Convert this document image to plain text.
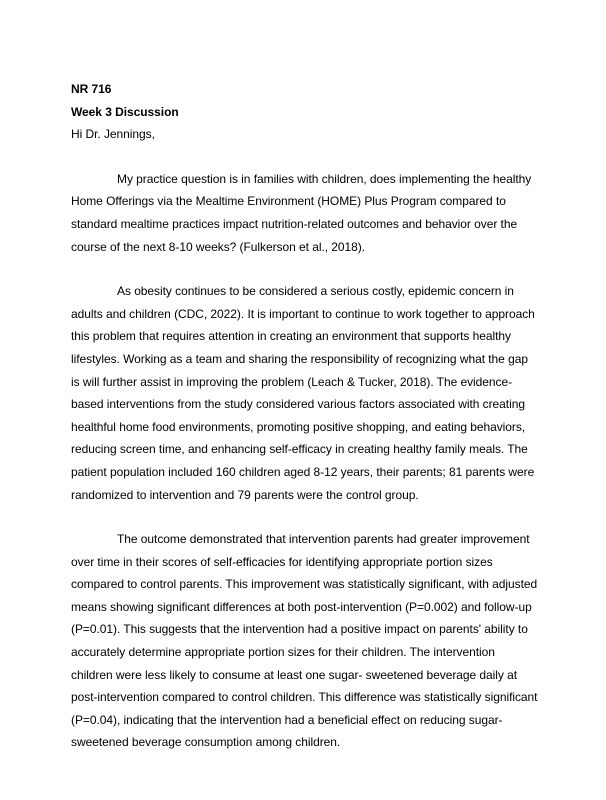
NR 716

Week 3 Discussion

Hi Dr. Jennings,

My practice question is in families with children, does implementing the healthy Home Offerings via the Mealtime Environment (HOME) Plus Program compared to standard mealtime practices impact nutrition-related outcomes and behavior over the course of the next 8-10 weeks? (Fulkerson et al., 2018).

As obesity continues to be considered a serious costly, epidemic concern in adults and children (CDC, 2022). It is important to continue to work together to approach this problem that requires attention in creating an environment that supports healthy lifestyles. Working as a team and sharing the responsibility of recognizing what the gap is will further assist in improving the problem (Leach & Tucker, 2018). The evidence-based interventions from the study considered various factors associated with creating healthful home food environments, promoting positive shopping, and eating behaviors, reducing screen time, and enhancing self-efficacy in creating healthy family meals. The patient population included 160 children aged 8-12 years, their parents; 81 parents were randomized to intervention and 79 parents were the control group.

The outcome demonstrated that intervention parents had greater improvement over time in their scores of self-efficacies for identifying appropriate portion sizes compared to control parents. This improvement was statistically significant, with adjusted means showing significant differences at both post-intervention (P=0.002) and follow-up (P=0.01). This suggests that the intervention had a positive impact on parents' ability to accurately determine appropriate portion sizes for their children. The intervention children were less likely to consume at least one sugar- sweetened beverage daily at post-intervention compared to control children. This difference was statistically significant (P=0.04), indicating that the intervention had a beneficial effect on reducing sugar-sweetened beverage consumption among children.
